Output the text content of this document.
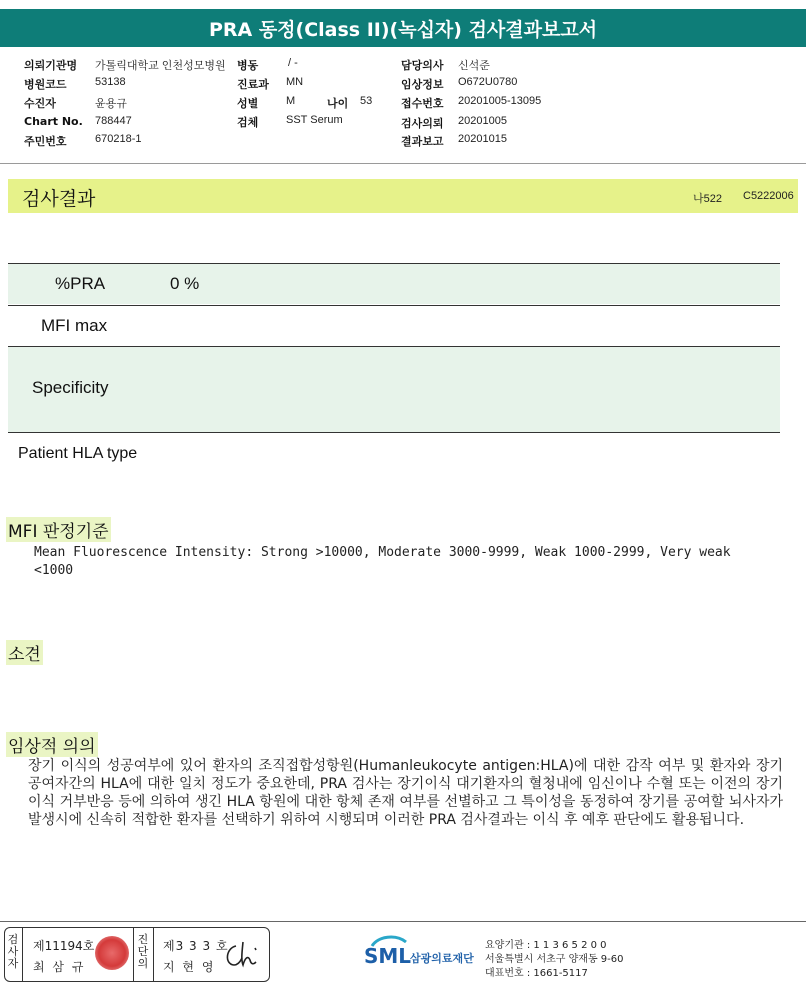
PRA 동정(Class II)(녹십자) 검사결과보고서
의뢰기관명 가톨릭대학교 인천성모병원 병동	/ -	담당의사 신석준
병원코드	53138	진료과 MN	임상정보 O672U0780
수진자	윤용규	성별	M	나이 53	접수번호 20201005-13095
Chart No. 788447	검체	SST Serum	검사의뢰 20201005
주민번호	670218-1	결과보고 20201015
검사결과	나522 C5222006
%PRA	0 %
MFI max
Specificity
Patient HLA type
MFI 판정기준
Mean Fluorescence Intensity: Strong >10000, Moderate 3000-9999, Weak 1000-2999, Very weak
<1000
소견
임상적 의의
장기 이식의 성공여부에 있어 환자의 조직접합성항원(Humanleukocyte antigen:HLA)에 대한 감작 여부 및 환자와 장기공여자간의 HLA에 대한 일치 정도가 중요한데, PRA 검사는 장기이식 대기환자의 혈청내에 임신이나 수혈 또는 이전의 장기이식 거부반응 등에 의하여 생긴 HLA 항원에 대한 항체 존재 여부를 선별하고 그 특이성을 동정하여 장기를 공여할 뇌사자가 발생시에 신속히 적합한 환자를 선택하기 위하여 시행되며 이러한 PRA 검사결과는 이식 후 예후 판단에도 활용됩니다.
검사자
제11194호
최 삼 규
진단의
제3 3 3 호
지 현 영	SML
삼광의료재단
요양기관 : 1 1 3 6 5 2 0 0
서울특별시 서초구 양재동 9-60
대표번호 : 1661-5117
